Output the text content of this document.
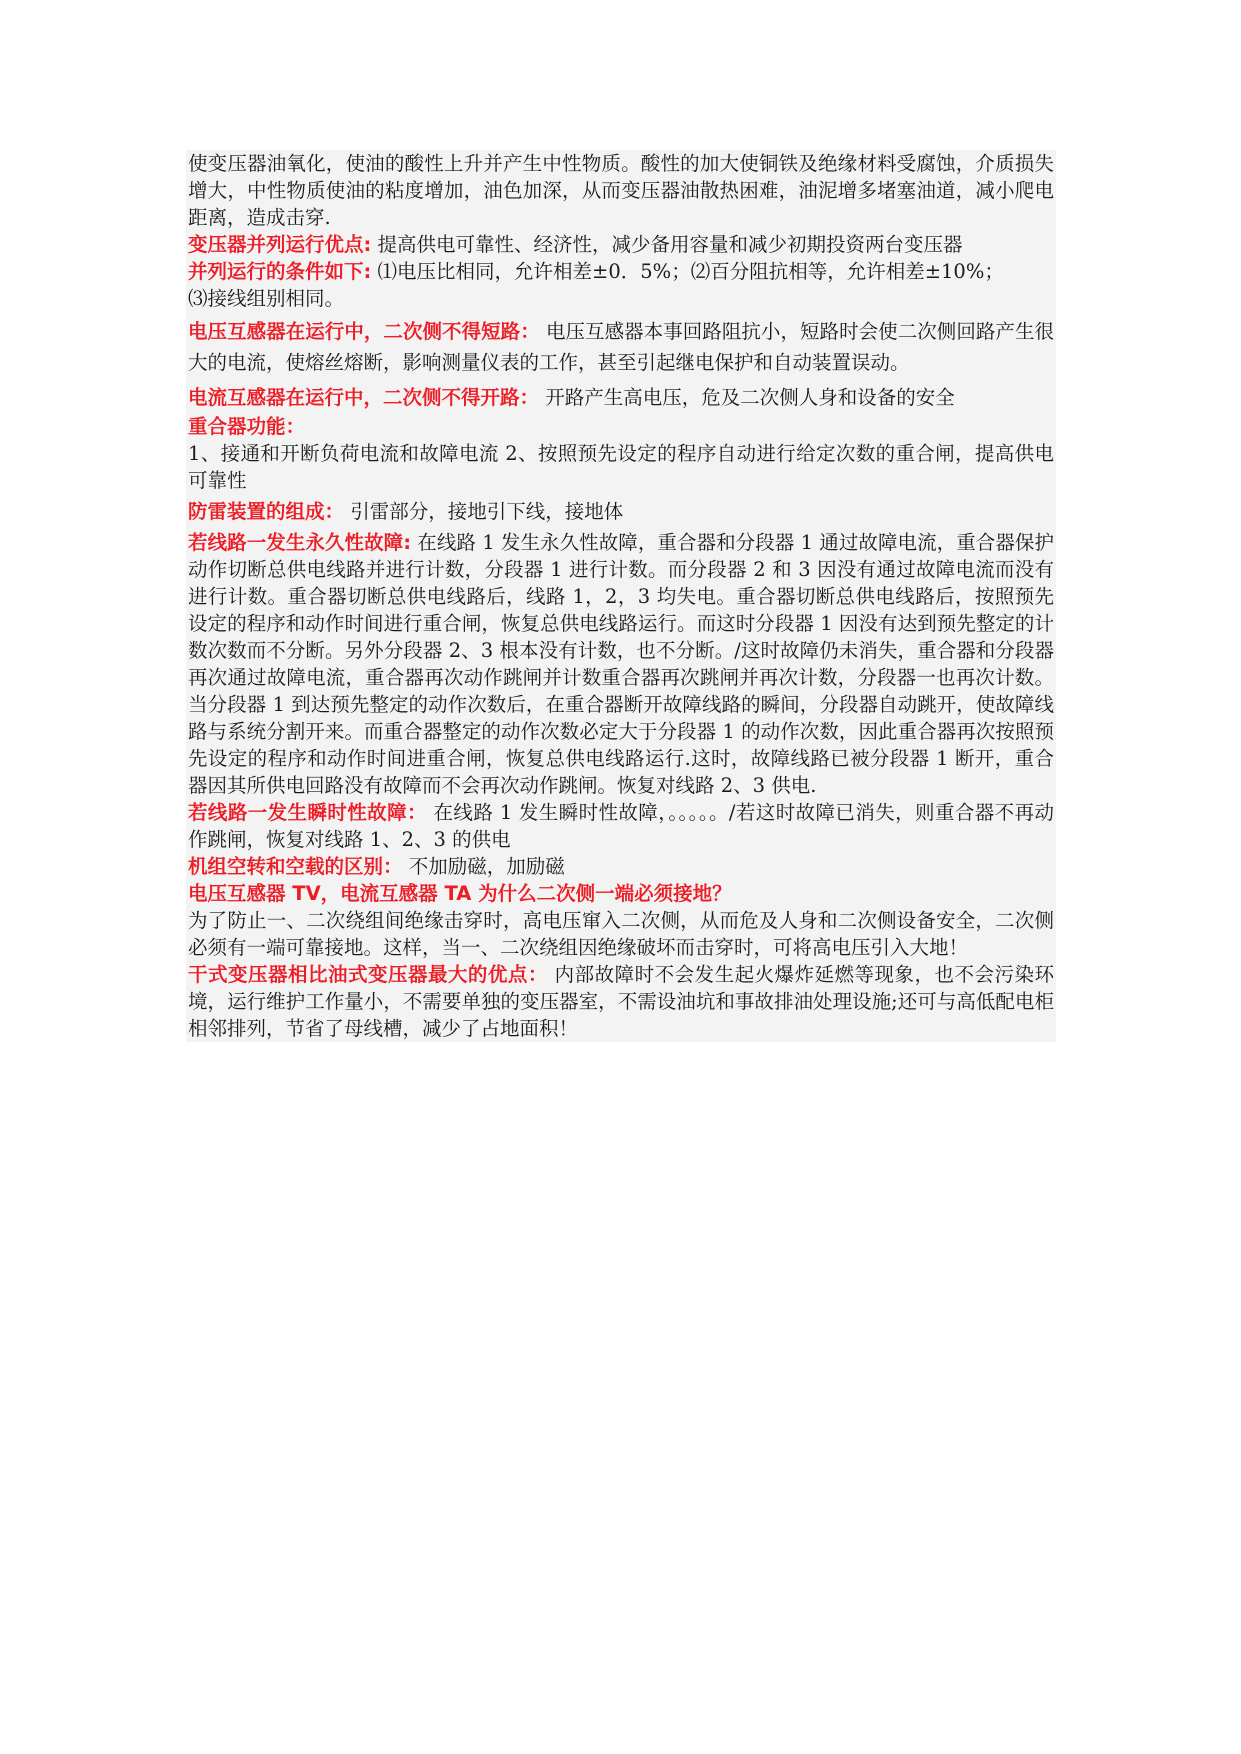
使变压器油氧化，使油的酸性上升并产生中性物质。酸性的加大使铜铁及绝缘材料受腐蚀，介质损失增大，中性物质使油的粘度增加，油色加深，从而变压器油散热困难，油泥增多堵塞油道，减小爬电距离，造成击穿.

变压器并列运行优点: 提高供电可靠性、经济性，减少备用容量和减少初期投资两台变压器

并列运行的条件如下: ⑴电压比相同，允许相差±0．5%；⑵百分阻抗相等，允许相差±10%；

⑶接线组别相同。

电压互感器在运行中，二次侧不得短路： 电压互感器本事回路阻抗小，短路时会使二次侧回路产生很大的电流，使熔丝熔断，影响测量仪表的工作，甚至引起继电保护和自动装置误动。

电流互感器在运行中，二次侧不得开路： 开路产生高电压，危及二次侧人身和设备的安全

重合器功能：

1、接通和开断负荷电流和故障电流 2、按照预先设定的程序自动进行给定次数的重合闸，提高供电可靠性

防雷装置的组成： 引雷部分，接地引下线，接地体

若线路一发生永久性故障: 在线路 1 发生永久性故障，重合器和分段器 1 通过故障电流，重合器保护动作切断总供电线路并进行计数，分段器 1 进行计数。而分段器 2 和 3 因没有通过故障电流而没有进行计数。重合器切断总供电线路后，线路 1，2，3 均失电。重合器切断总供电线路后，按照预先设定的程序和动作时间进行重合闸，恢复总供电线路运行。而这时分段器 1 因没有达到预先整定的计数次数而不分断。另外分段器 2、3 根本没有计数，也不分断。/这时故障仍未消失，重合器和分段器再次通过故障电流，重合器再次动作跳闸并计数重合器再次跳闸并再次计数，分段器一也再次计数。当分段器 1 到达预先整定的动作次数后，在重合器断开故障线路的瞬间，分段器自动跳开，使故障线路与系统分割开来。而重合器整定的动作次数必定大于分段器 1 的动作次数，因此重合器再次按照预先设定的程序和动作时间进重合闸，恢复总供电线路运行.这时，故障线路已被分段器 1 断开，重合器因其所供电回路没有故障而不会再次动作跳闸。恢复对线路 2、3 供电.

若线路一发生瞬时性故障： 在线路 1 发生瞬时性故障，。。。。。/若这时故障已消失，则重合器不再动作跳闸，恢复对线路 1、2、3 的供电

机组空转和空载的区别： 不加励磁，加励磁

电压互感器 TV，电流互感器 TA 为什么二次侧一端必须接地？

为了防止一、二次绕组间绝缘击穿时，高电压窜入二次侧，从而危及人身和二次侧设备安全，二次侧必须有一端可靠接地。这样，当一、二次绕组因绝缘破坏而击穿时，可将高电压引入大地！

干式变压器相比油式变压器最大的优点： 内部故障时不会发生起火爆炸延燃等现象，也不会污染环境，运行维护工作量小，不需要单独的变压器室，不需设油坑和事故排油处理设施;还可与高低配电柜相邻排列，节省了母线槽，减少了占地面积！
